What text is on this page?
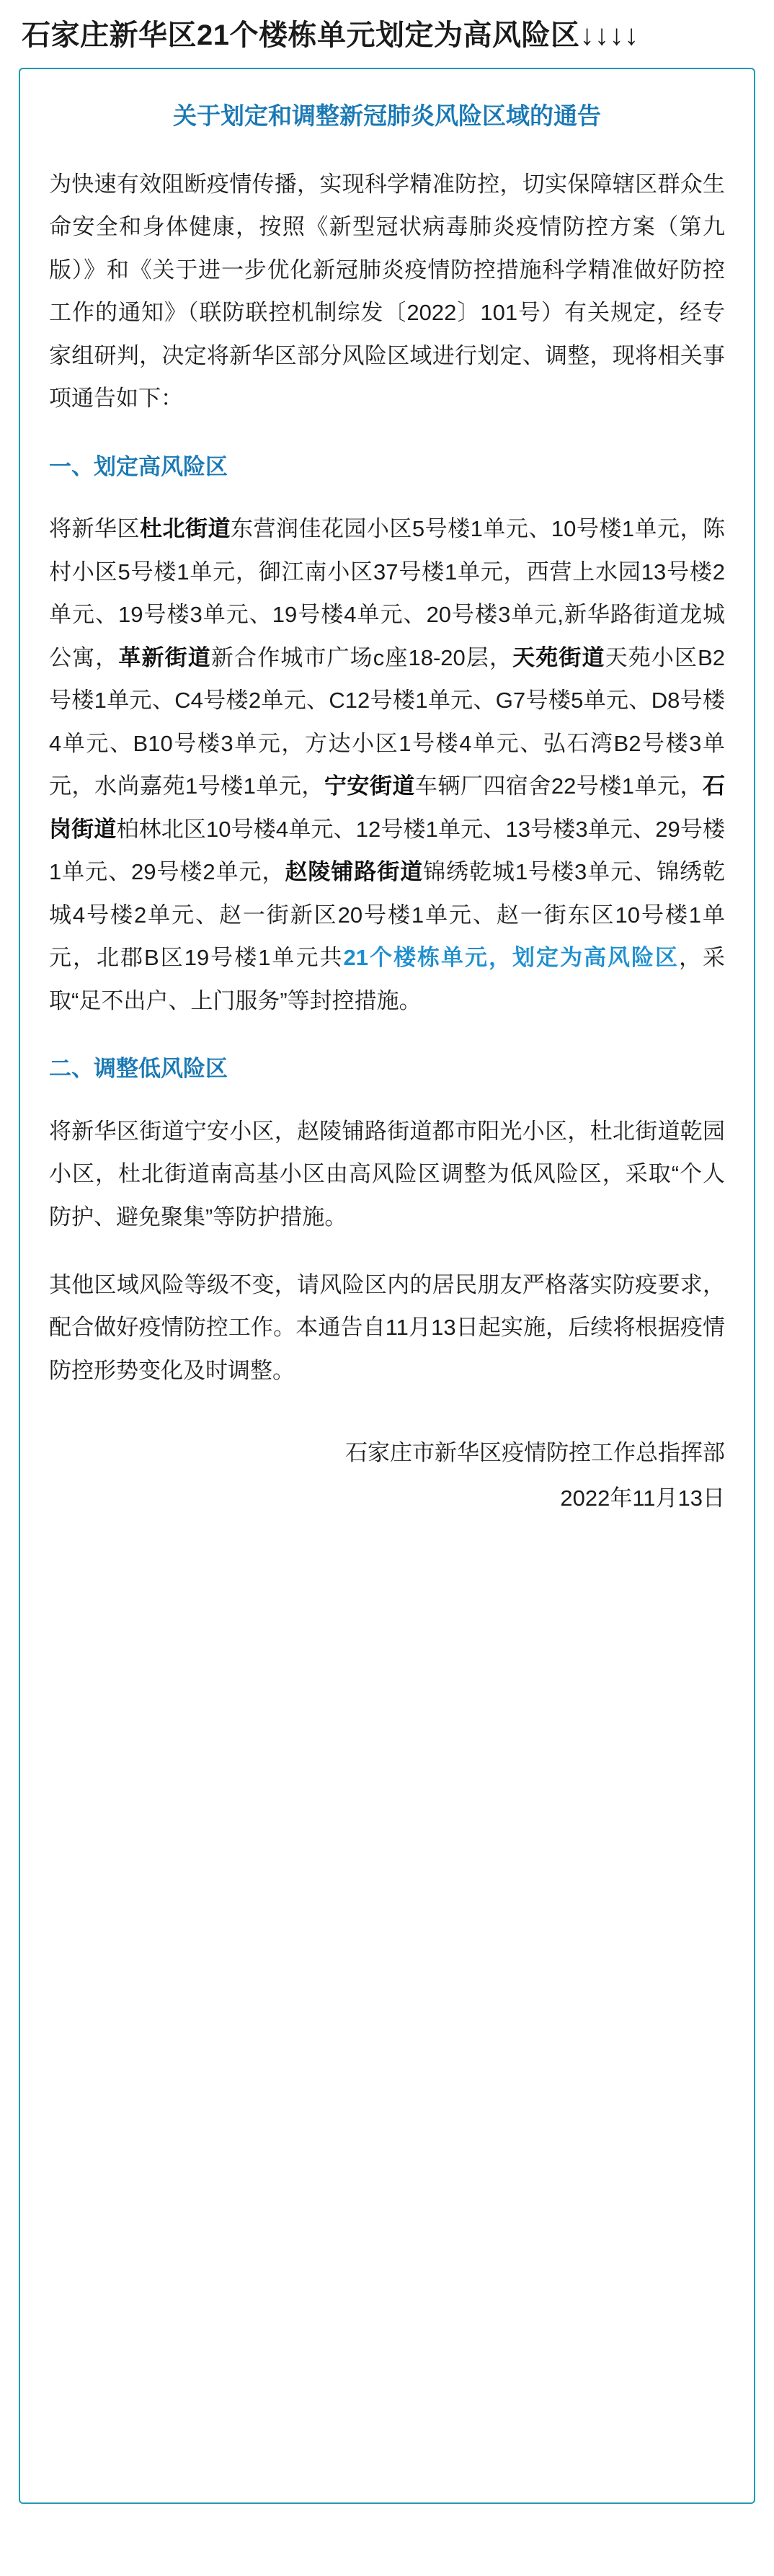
石家庄新华区21个楼栋单元划定为高风险区↓↓↓↓
关于划定和调整新冠肺炎风险区域的通告

为快速有效阻断疫情传播，实现科学精准防控，切实保障辖区群众生命安全和身体健康，按照《新型冠状病毒肺炎疫情防控方案（第九版）》和《关于进一步优化新冠肺炎疫情防控措施科学精准做好防控工作的通知》（联防联控机制综发〔2022〕101号）有关规定，经专家组研判，决定将新华区部分风险区域进行划定、调整，现将相关事项通告如下：

一、划定高风险区

将新华区杜北街道东营润佳花园小区5号楼1单元、10号楼1单元，陈村小区5号楼1单元，御江南小区37号楼1单元，西营上水园13号楼2单元、19号楼3单元、19号楼4单元、20号楼3单元,新华路街道龙城公寓，革新街道新合作城市广场c座18-20层，天苑街道天苑小区B2号楼1单元、C4号楼2单元、C12号楼1单元、G7号楼5单元、D8号楼4单元、B10号楼3单元，方达小区1号楼4单元、弘石湾B2号楼3单元，水尚嘉苑1号楼1单元，宁安街道车辆厂四宿舍22号楼1单元，石岗街道柏林北区10号楼4单元、12号楼1单元、13号楼3单元、29号楼1单元、29号楼2单元，赵陵铺路街道锦绣乾城1号楼3单元、锦绣乾城4号楼2单元、赵一街新区20号楼1单元、赵一街东区10号楼1单元，北郡B区19号楼1单元共21个楼栋单元，划定为高风险区，采取“足不出户、上门服务”等封控措施。

二、调整低风险区

将新华区街道宁安小区，赵陵铺路街道都市阳光小区，杜北街道乾园小区，杜北街道南高基小区由高风险区调整为低风险区，采取“个人防护、避免聚集”等防护措施。

其他区域风险等级不变，请风险区内的居民朋友严格落实防疫要求，配合做好疫情防控工作。本通告自11月13日起实施，后续将根据疫情防控形势变化及时调整。

石家庄市新华区疫情防控工作总指挥部
2022年11月13日
